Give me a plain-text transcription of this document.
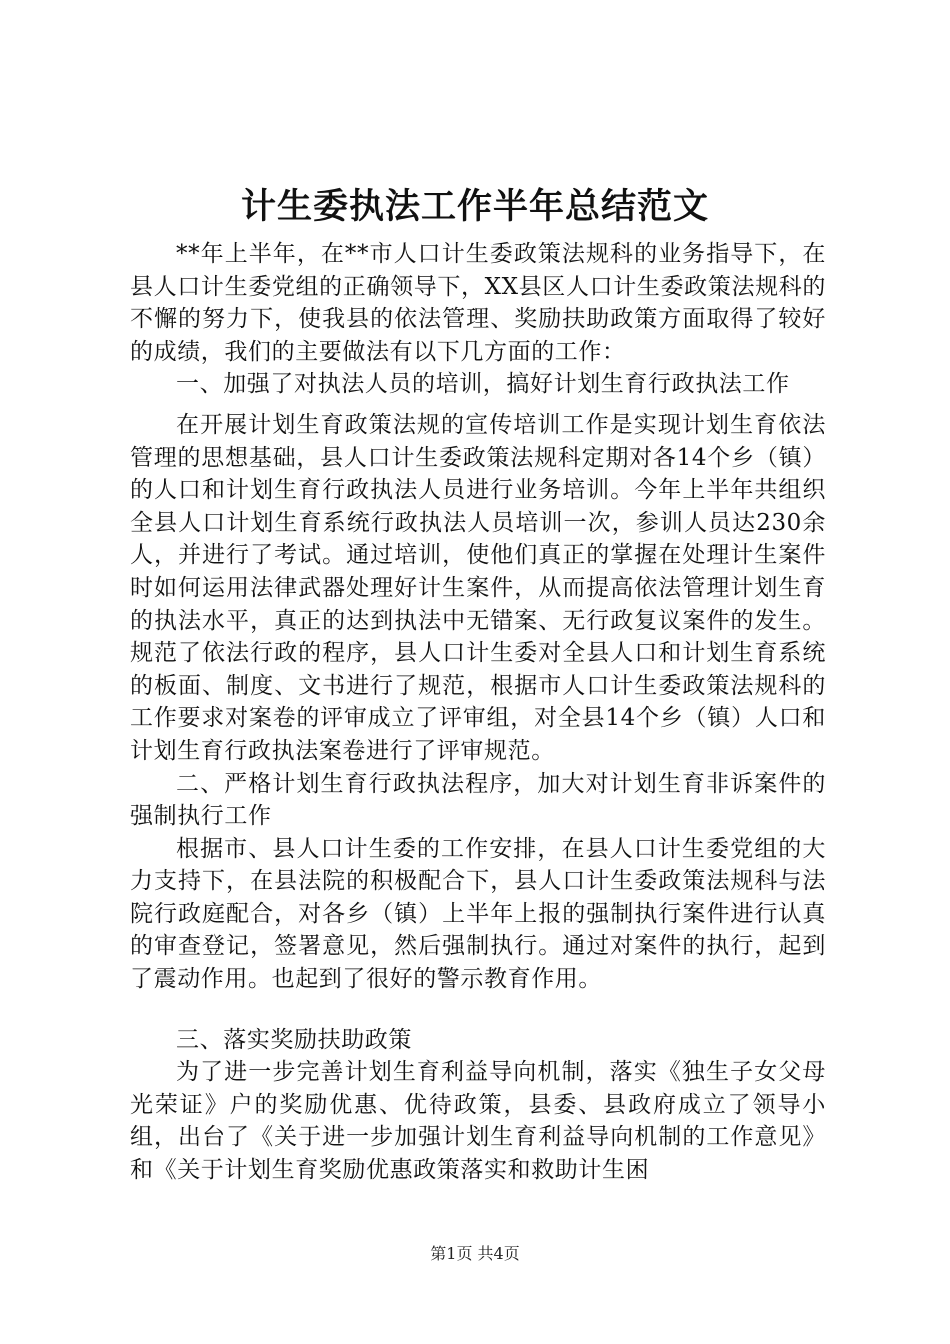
计生委执法工作半年总结范文

**年上半年，在**市人口计生委政策法规科的业务指导下，在县人口计生委党组的正确领导下，XX县区人口计生委政策法规科的不懈的努力下，使我县的依法管理、奖励扶助政策方面取得了较好的成绩，我们的主要做法有以下几方面的工作：

一、加强了对执法人员的培训，搞好计划生育行政执法工作

在开展计划生育政策法规的宣传培训工作是实现计划生育依法管理的思想基础，县人口计生委政策法规科定期对各14个乡（镇）的人口和计划生育行政执法人员进行业务培训。今年上半年共组织全县人口计划生育系统行政执法人员培训一次，参训人员达230余人，并进行了考试。通过培训，使他们真正的掌握在处理计生案件时如何运用法律武器处理好计生案件，从而提高依法管理计划生育的执法水平，真正的达到执法中无错案、无行政复议案件的发生。规范了依法行政的程序，县人口计生委对全县人口和计划生育系统的板面、制度、文书进行了规范，根据市人口计生委政策法规科的工作要求对案卷的评审成立了评审组，对全县14个乡（镇）人口和计划生育行政执法案卷进行了评审规范。

二、严格计划生育行政执法程序，加大对计划生育非诉案件的强制执行工作

根据市、县人口计生委的工作安排，在县人口计生委党组的大力支持下，在县法院的积极配合下，县人口计生委政策法规科与法院行政庭配合，对各乡（镇）上半年上报的强制执行案件进行认真的审查登记，签署意见，然后强制执行。通过对案件的执行，起到了震动作用。也起到了很好的警示教育作用。

三、落实奖励扶助政策

为了进一步完善计划生育利益导向机制，落实《独生子女父母光荣证》户的奖励优惠、优待政策，县委、县政府成立了领导小组，出台了《关于进一步加强计划生育利益导向机制的工作意见》和《关于计划生育奖励优惠政策落实和救助计生困

第1页 共4页
